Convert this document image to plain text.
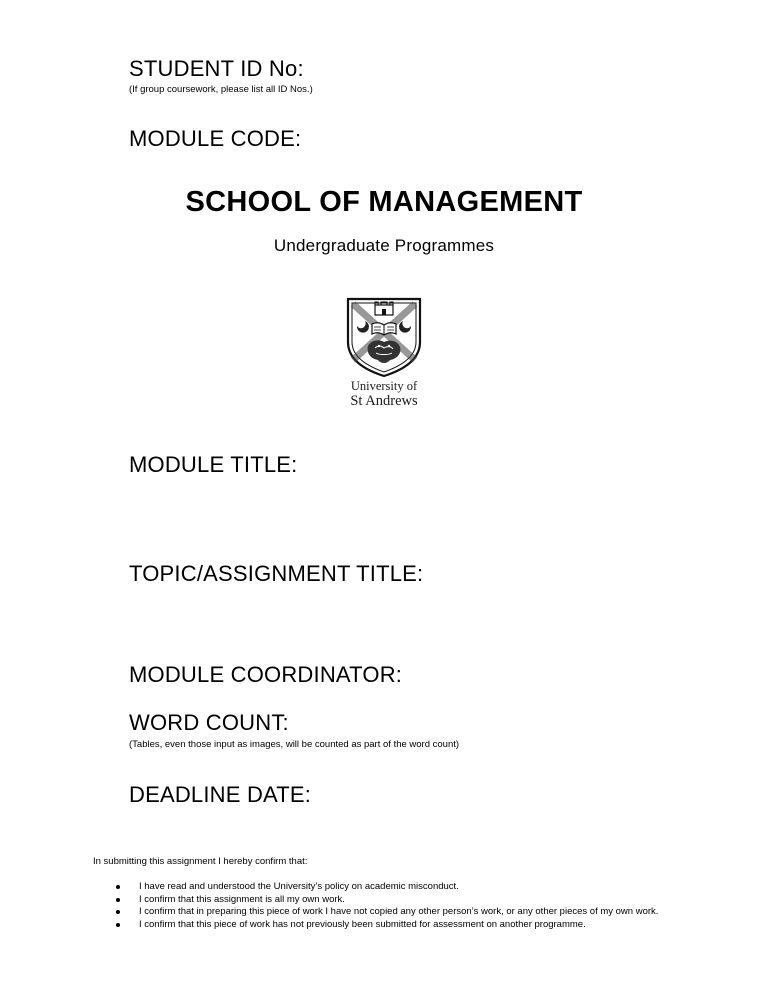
STUDENT ID No:
(If group coursework, please list all ID Nos.)
MODULE CODE:
SCHOOL OF MANAGEMENT
Undergraduate Programmes
University of
St Andrews
MODULE TITLE:
TOPIC/ASSIGNMENT TITLE:
MODULE COORDINATOR:
WORD COUNT:
(Tables, even those input as images, will be counted as part of the word count)
DEADLINE DATE:
In submitting this assignment I hereby confirm that:
I have read and understood the University’s policy on academic misconduct.
I confirm that this assignment is all my own work.
I confirm that in preparing this piece of work I have not copied any other person’s work, or any other pieces of my own work.
I confirm that this piece of work has not previously been submitted for assessment on another programme.
